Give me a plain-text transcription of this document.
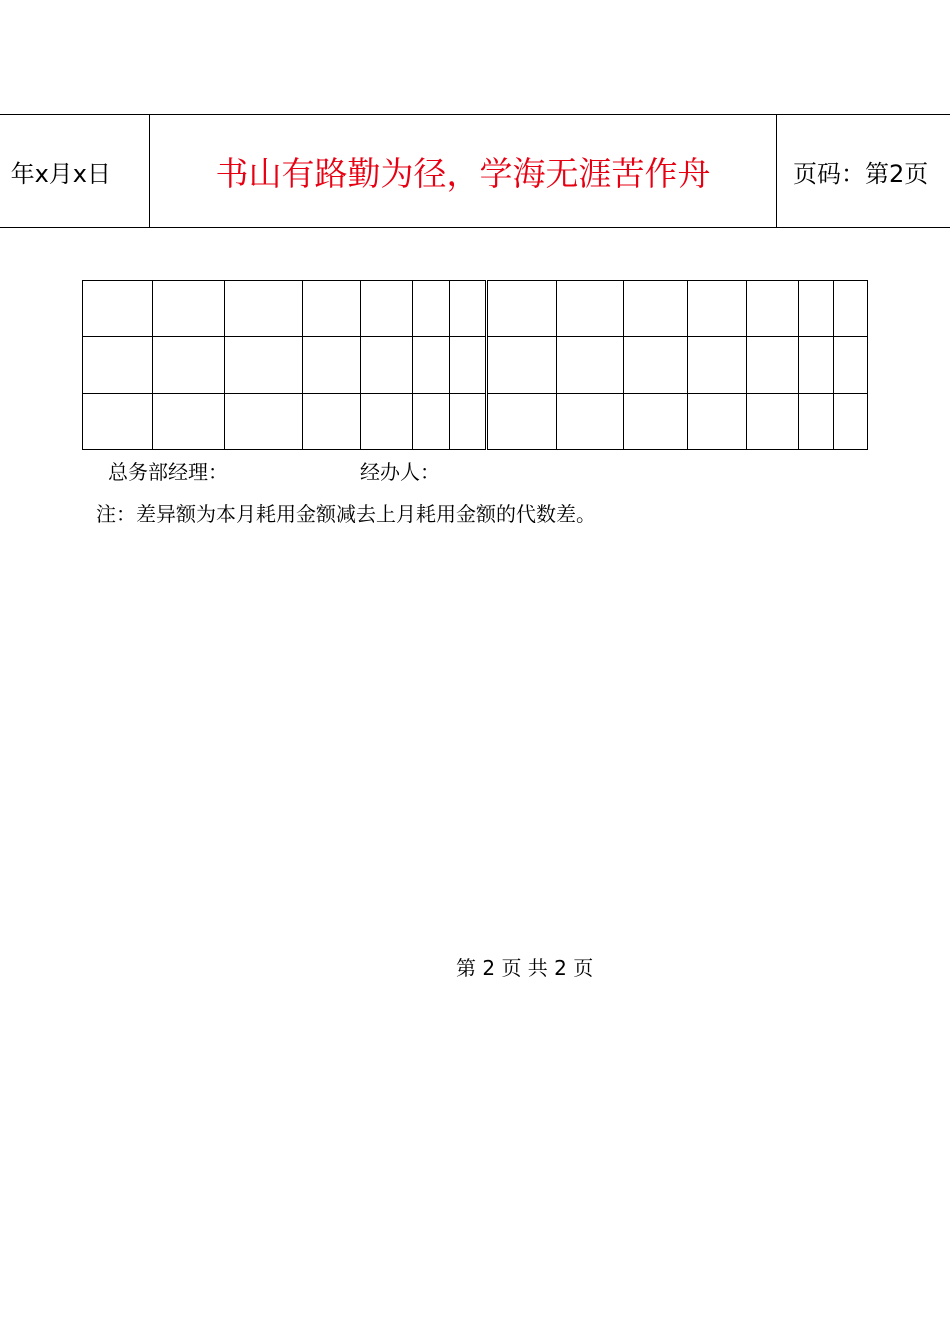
年x月x日	书山有路勤为径，学海无涯苦作舟	页码：第2页

总务部经理：	经办人：
注：差异额为本月耗用金额减去上月耗用金额的代数差。
第 2 页 共 2 页
